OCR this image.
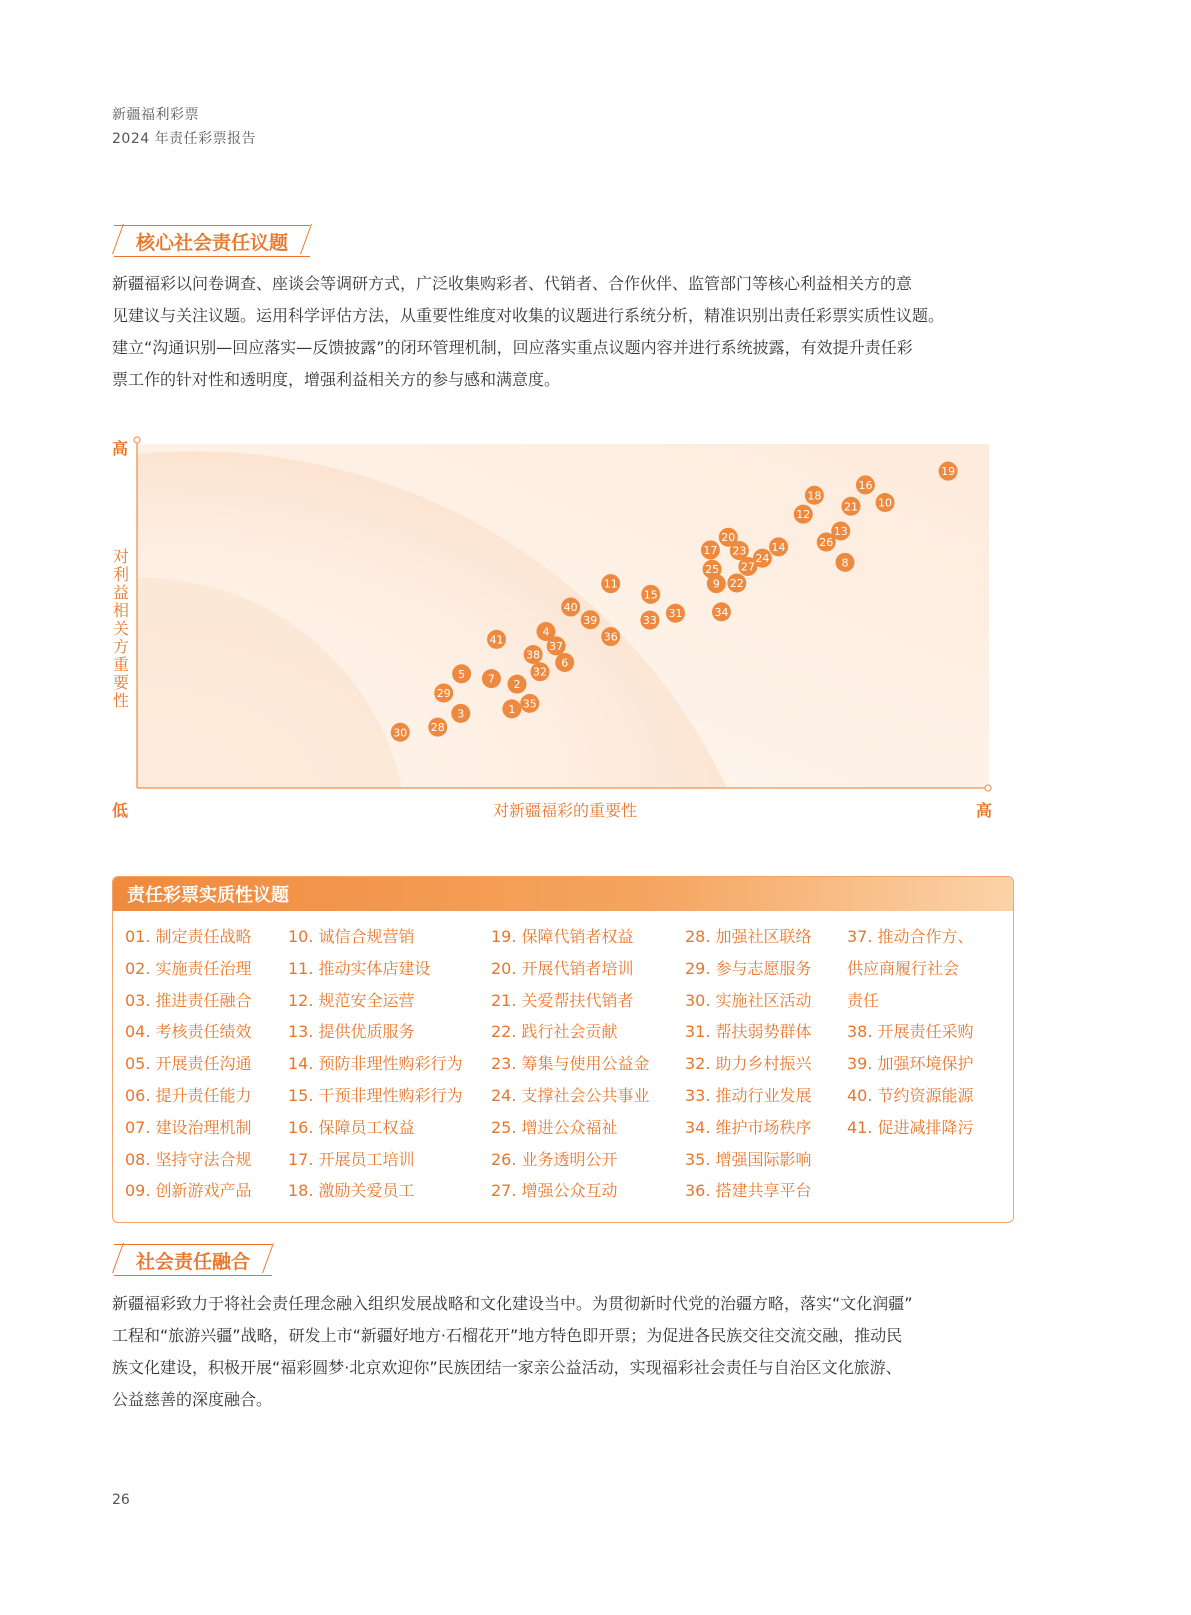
新疆福利彩票
2024 年责任彩票报告
核心社会责任议题

新疆福彩以问卷调查、座谈会等调研方式，广泛收集购彩者、代销者、合作伙伴、监管部门等核心利益相关方的意

见建议与关注议题。运用科学评估方法，从重要性维度对收集的议题进行系统分析，精准识别出责任彩票实质性议题。

建立“沟通识别—回应落实—反馈披露”的闭环管理机制，回应落实重点议题内容并进行系统披露，有效提升责任彩

票工作的针对性和透明度，增强利益相关方的参与感和满意度。

高
对利益相关方重要性
低	对新疆福彩的重要性	高
1
2
3
4
5
6
7
8
9
10
11
12
13
14
15
16
17
18
19
20
21
22
23
24
25
26
27
28
29
30
31
32
33
34
35
36
37
38
39
40
41
责任彩票实质性议题
01. 制定责任战略
02. 实施责任治理
03. 推进责任融合
04. 考核责任绩效
05. 开展责任沟通
06. 提升责任能力
07. 建设治理机制
08. 坚持守法合规
09. 创新游戏产品
10. 诚信合规营销
11. 推动实体店建设
12. 规范安全运营
13. 提供优质服务
14. 预防非理性购彩行为
15. 干预非理性购彩行为
16. 保障员工权益
17. 开展员工培训
18. 激励关爱员工
19. 保障代销者权益
20. 开展代销者培训
21. 关爱帮扶代销者
22. 践行社会贡献
23. 筹集与使用公益金
24. 支撑社会公共事业
25. 增进公众福祉
26. 业务透明公开
27. 增强公众互动
28. 加强社区联络
29. 参与志愿服务
30. 实施社区活动
31. 帮扶弱势群体
32. 助力乡村振兴
33. 推动行业发展
34. 维护市场秩序
35. 增强国际影响
36. 搭建共享平台
37. 推动合作方、
供应商履行社会
责任
38. 开展责任采购
39. 加强环境保护
40. 节约资源能源
41. 促进减排降污
社会责任融合

新疆福彩致力于将社会责任理念融入组织发展战略和文化建设当中。为贯彻新时代党的治疆方略，落实“文化润疆”

工程和“旅游兴疆”战略，研发上市“新疆好地方·石榴花开”地方特色即开票；为促进各民族交往交流交融，推动民

族文化建设，积极开展“福彩圆梦·北京欢迎你”民族团结一家亲公益活动，实现福彩社会责任与自治区文化旅游、

公益慈善的深度融合。

26
